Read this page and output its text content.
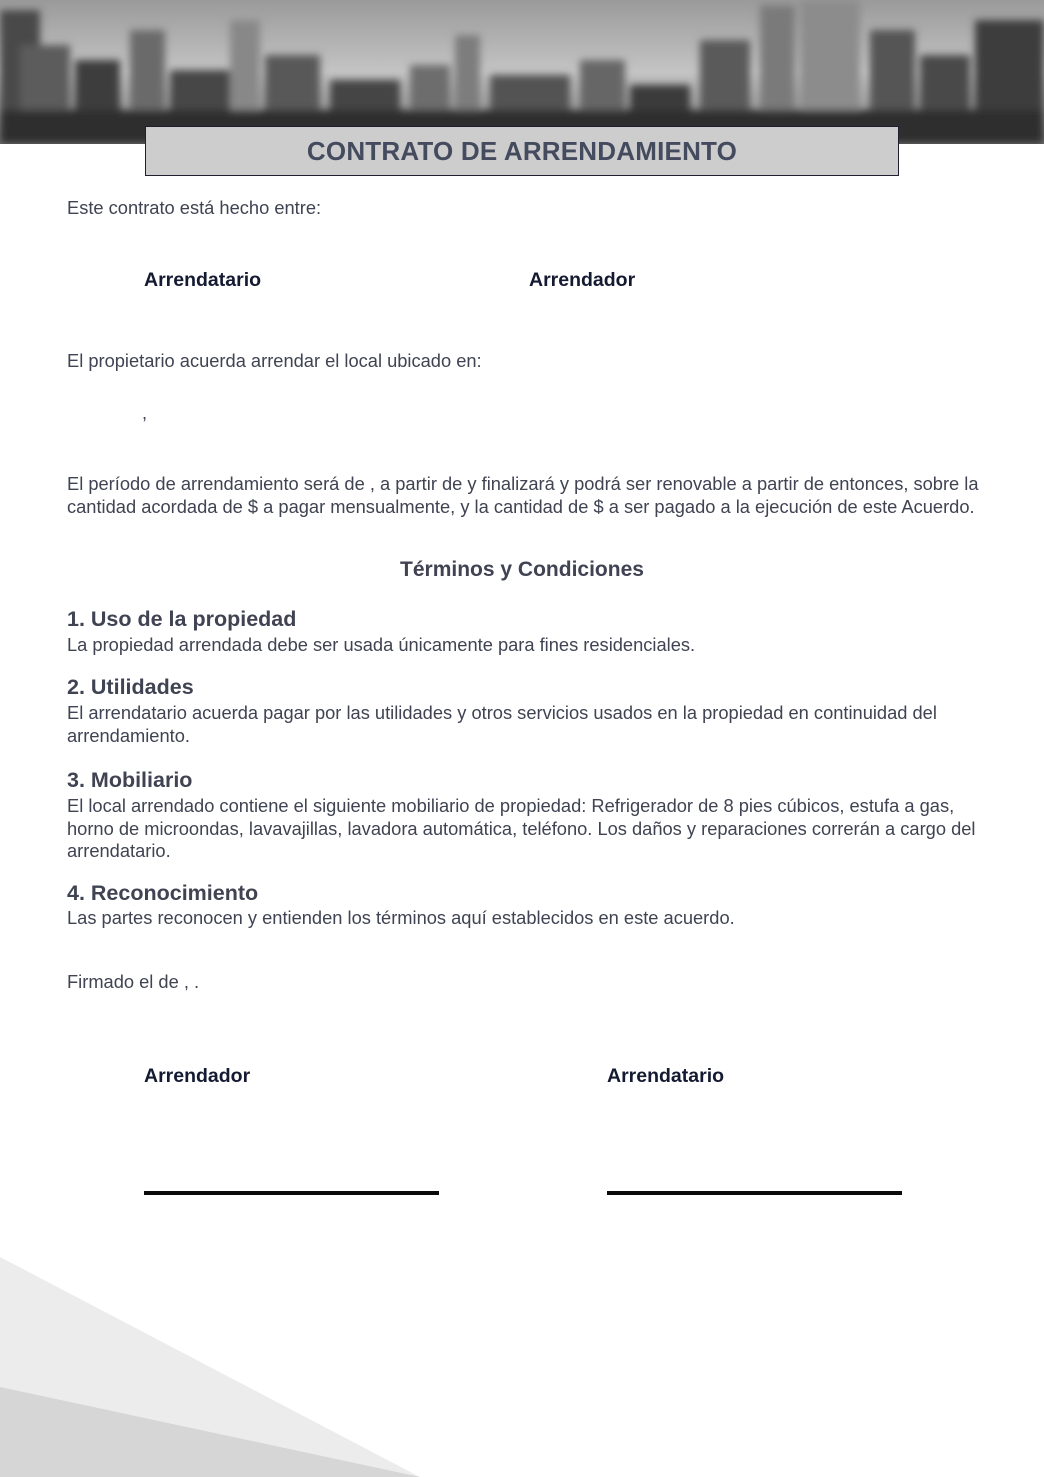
CONTRATO DE ARRENDAMIENTO
Este contrato está hecho entre:
Arrendatario	Arrendador
El propietario acuerda arrendar el local ubicado en:
,
El período de arrendamiento será de , a partir de y finalizará y podrá ser renovable a partir de entonces, sobre la cantidad acordada de $ a pagar mensualmente, y la cantidad de $ a ser pagado a la ejecución de este Acuerdo.
Términos y Condiciones
1. Uso de la propiedad
La propiedad arrendada debe ser usada únicamente para fines residenciales.
2. Utilidades
El arrendatario acuerda pagar por las utilidades y otros servicios usados en la propiedad en continuidad del arrendamiento.
3. Mobiliario
El local arrendado contiene el siguiente mobiliario de propiedad: Refrigerador de 8 pies cúbicos, estufa a gas, horno de microondas, lavavajillas, lavadora automática, teléfono. Los daños y reparaciones correrán a cargo del arrendatario.
4. Reconocimiento
Las partes reconocen y entienden los términos aquí establecidos en este acuerdo.
Firmado el de , .
Arrendador	Arrendatario
